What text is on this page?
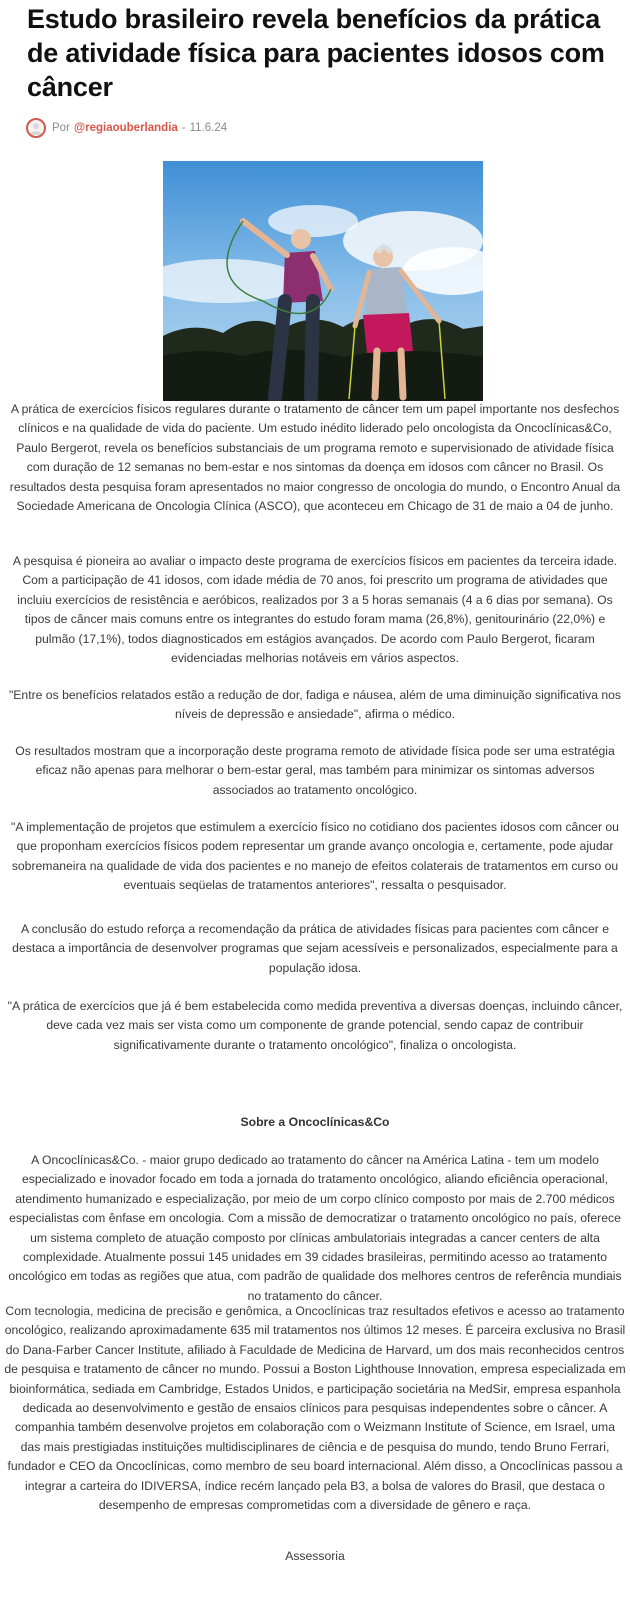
Estudo brasileiro revela benefícios da prática de atividade física para pacientes idosos com câncer
Por @regiaouberlandia - 11.6.24

A prática de exercícios físicos regulares durante o tratamento de câncer tem um papel importante nos desfechos clínicos e na qualidade de vida do paciente. Um estudo inédito liderado pelo oncologista da Oncoclínicas&Co, Paulo Bergerot, revela os benefícios substanciais de um programa remoto e supervisionado de atividade física com duração de 12 semanas no bem-estar e nos sintomas da doença em idosos com câncer no Brasil. Os resultados desta pesquisa foram apresentados no maior congresso de oncologia do mundo, o Encontro Anual da Sociedade Americana de Oncologia Clínica (ASCO), que aconteceu em Chicago de 31 de maio a 04 de junho.

A pesquisa é pioneira ao avaliar o impacto deste programa de exercícios físicos em pacientes da terceira idade. Com a participação de 41 idosos, com idade média de 70 anos, foi prescrito um programa de atividades que incluiu exercícios de resistência e aeróbicos, realizados por 3 a 5 horas semanais (4 a 6 dias por semana). Os tipos de câncer mais comuns entre os integrantes do estudo foram mama (26,8%), genitourinário (22,0%) e pulmão (17,1%), todos diagnosticados em estágios avançados. De acordo com Paulo Bergerot, ficaram evidenciadas melhorias notáveis em vários aspectos.

"Entre os benefícios relatados estão a redução de dor, fadiga e náusea, além de uma diminuição significativa nos níveis de depressão e ansiedade", afirma o médico.

Os resultados mostram que a incorporação deste programa remoto de atividade física pode ser uma estratégia eficaz não apenas para melhorar o bem-estar geral, mas também para minimizar os sintomas adversos associados ao tratamento oncológico.

"A implementação de projetos que estimulem a exercício físico no cotidiano dos pacientes idosos com câncer ou que proponham exercícios físicos podem representar um grande avanço oncologia e, certamente, pode ajudar sobremaneira na qualidade de vida dos pacientes e no manejo de efeitos colaterais de tratamentos em curso ou eventuais seqüelas de tratamentos anteriores", ressalta o pesquisador.

A conclusão do estudo reforça a recomendação da prática de atividades físicas para pacientes com câncer e destaca a importância de desenvolver programas que sejam acessíveis e personalizados, especialmente para a população idosa.

"A prática de exercícios que já é bem estabelecida como medida preventiva a diversas doenças, incluindo câncer, deve cada vez mais ser vista como um componente de grande potencial, sendo capaz de contribuir significativamente durante o tratamento oncológico", finaliza o oncologista.

Sobre a Oncoclínicas&Co

A Oncoclínicas&Co. - maior grupo dedicado ao tratamento do câncer na América Latina - tem um modelo especializado e inovador focado em toda a jornada do tratamento oncológico, aliando eficiência operacional, atendimento humanizado e especialização, por meio de um corpo clínico composto por mais de 2.700 médicos especialistas com ênfase em oncologia. Com a missão de democratizar o tratamento oncológico no país, oferece um sistema completo de atuação composto por clínicas ambulatoriais integradas a cancer centers de alta complexidade. Atualmente possui 145 unidades em 39 cidades brasileiras, permitindo acesso ao tratamento oncológico em todas as regiões que atua, com padrão de qualidade dos melhores centros de referência mundiais no tratamento do câncer.

Com tecnologia, medicina de precisão e genômica, a Oncoclínicas traz resultados efetivos e acesso ao tratamento oncológico, realizando aproximadamente 635 mil tratamentos nos últimos 12 meses. É parceira exclusiva no Brasil do Dana-Farber Cancer Institute, afiliado à Faculdade de Medicina de Harvard, um dos mais reconhecidos centros de pesquisa e tratamento de câncer no mundo. Possui a Boston Lighthouse Innovation, empresa especializada em bioinformática, sediada em Cambridge, Estados Unidos, e participação societária na MedSir, empresa espanhola dedicada ao desenvolvimento e gestão de ensaios clínicos para pesquisas independentes sobre o câncer. A companhia também desenvolve projetos em colaboração com o Weizmann Institute of Science, em Israel, uma das mais prestigiadas instituições multidisciplinares de ciência e de pesquisa do mundo, tendo Bruno Ferrari, fundador e CEO da Oncoclínicas, como membro de seu board internacional. Além disso, a Oncoclínicas passou a integrar a carteira do IDIVERSA, índice recém lançado pela B3, a bolsa de valores do Brasil, que destaca o desempenho de empresas comprometidas com a diversidade de gênero e raça.

Assessoria
